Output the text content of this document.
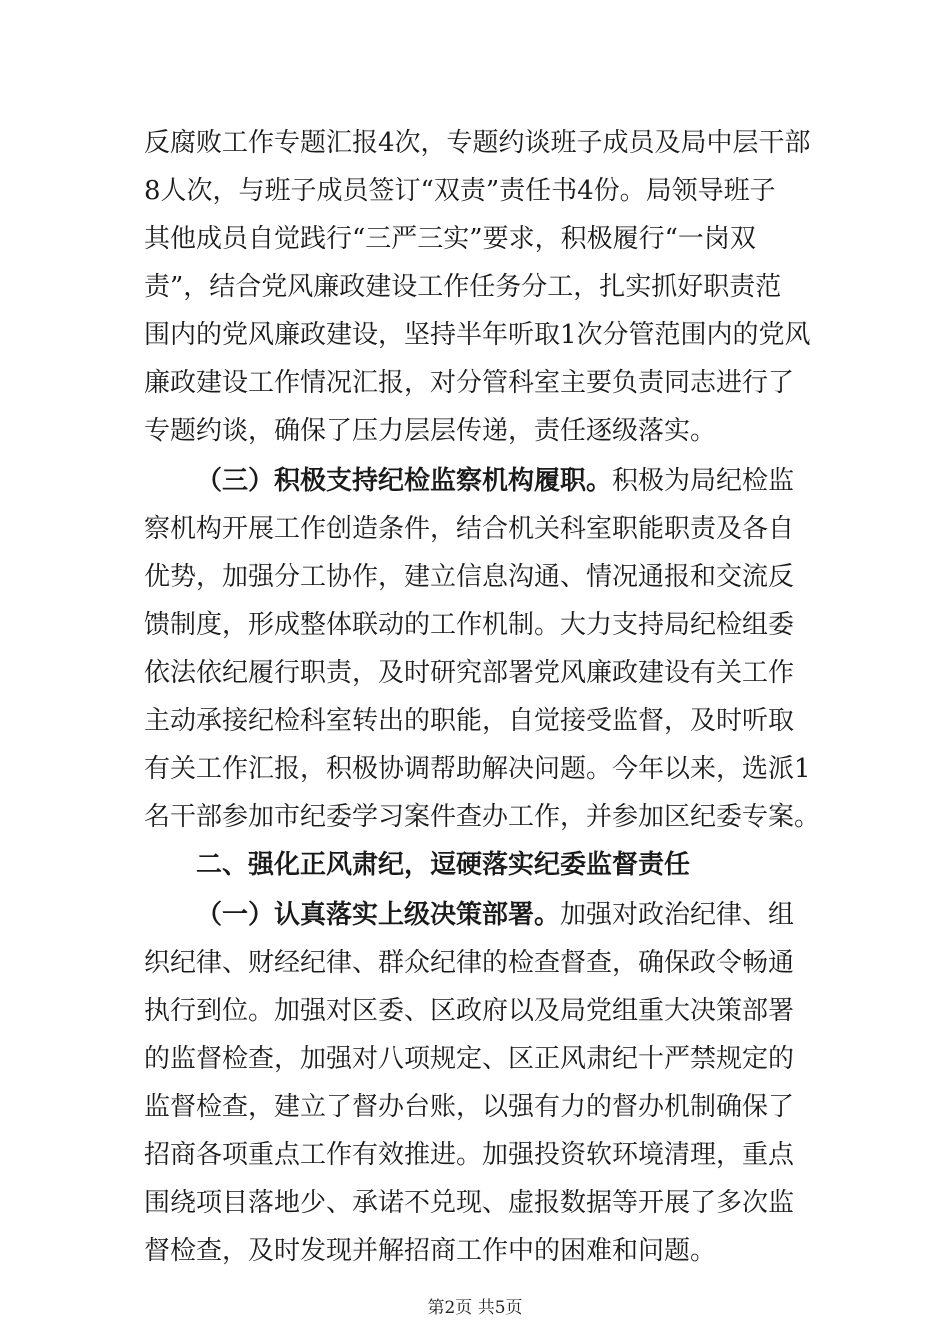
反腐败工作专题汇报4次，专题约谈班子成员及局中层干部
8人次，与班子成员签订“双责”责任书4份。局领导班子
其他成员自觉践行“三严三实”要求，积极履行“一岗双
责”，结合党风廉政建设工作任务分工，扎实抓好职责范
围内的党风廉政建设，坚持半年听取1次分管范围内的党风
廉政建设工作情况汇报，对分管科室主要负责同志进行了
专题约谈，确保了压力层层传递，责任逐级落实。
（三）积极支持纪检监察机构履职。积极为局纪检监
察机构开展工作创造条件，结合机关科室职能职责及各自
优势，加强分工协作，建立信息沟通、情况通报和交流反
馈制度，形成整体联动的工作机制。大力支持局纪检组委
依法依纪履行职责，及时研究部署党风廉政建设有关工作
主动承接纪检科室转出的职能，自觉接受监督，及时听取
有关工作汇报，积极协调帮助解决问题。今年以来，选派1
名干部参加市纪委学习案件查办工作，并参加区纪委专案。
二、强化正风肃纪，逗硬落实纪委监督责任
（一）认真落实上级决策部署。加强对政治纪律、组
织纪律、财经纪律、群众纪律的检查督查，确保政令畅通
执行到位。加强对区委、区政府以及局党组重大决策部署
的监督检查，加强对八项规定、区正风肃纪十严禁规定的
监督检查，建立了督办台账，以强有力的督办机制确保了
招商各项重点工作有效推进。加强投资软环境清理，重点
围绕项目落地少、承诺不兑现、虚报数据等开展了多次监
督检查，及时发现并解招商工作中的困难和问题。
第2页 共5页
